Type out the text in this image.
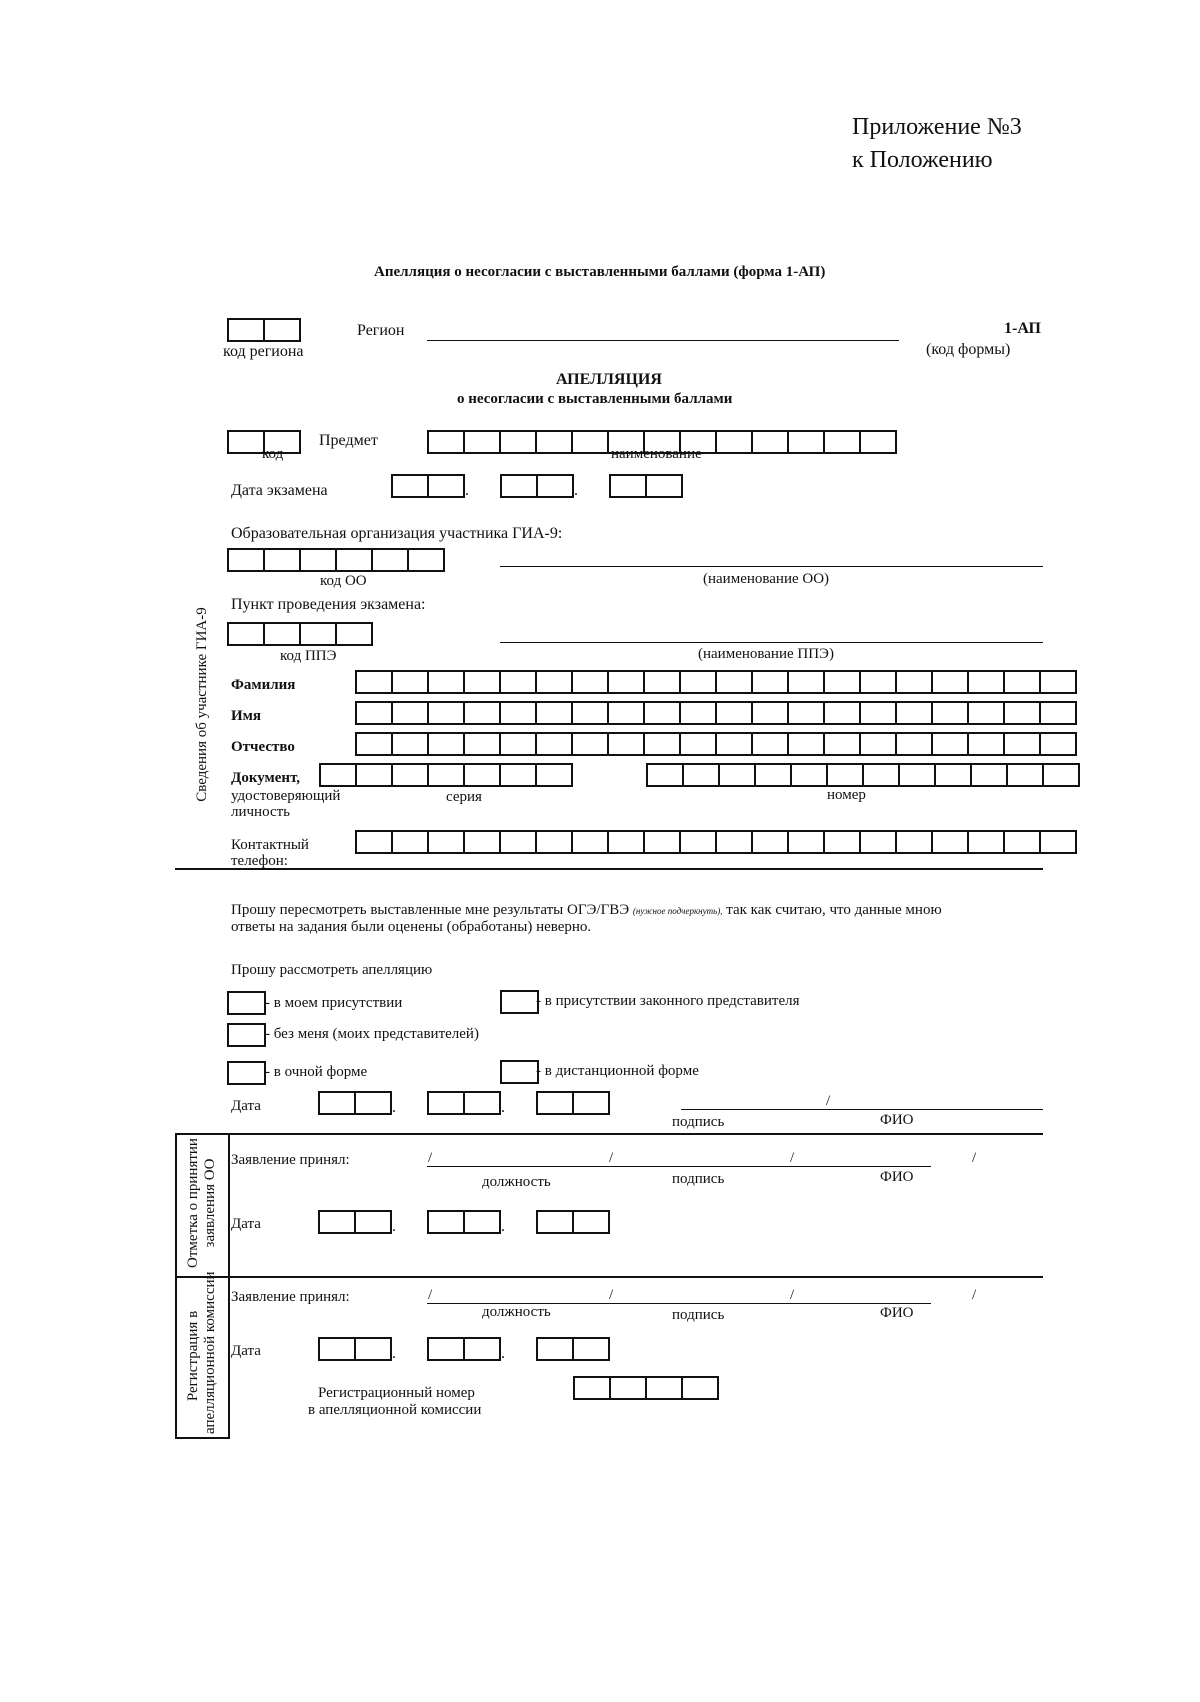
Приложение №3
к Положению
Апелляция о несогласии с выставленными баллами (форма 1-АП)
код региона
Регион	1-АП
(код формы)
АПЕЛЛЯЦИЯ
о несогласии с выставленными баллами
Предмет
код	наименование
Дата экзамена	.	.
Образовательная организация участника ГИА-9:
код ОО	(наименование ОО)
Пункт проведения экзамена:
код ППЭ	(наименование ППЭ)
Сведения об участнике ГИА-9 Фамилия
Имя
Отчество
Документ,
удостоверяющий
личность
серия	номер
Контактный
телефон:
Прошу пересмотреть выставленные мне результаты ОГЭ/ГВЭ (нужное подчеркнуть), так как считаю, что данные мною
ответы на задания были оценены (обработаны) неверно.
Прошу рассмотреть апелляцию
- в моем присутствии	- в присутствии законного представителя
- без меня (моих представителей)
- в очной форме	- в дистанционной форме
Дата	.	.	/
подпись	ФИО
Отметка о принятии заявления ОО
Регистрация в апелляционной комиссии
Заявление принял:	/	/	/	/
должность	подпись	ФИО
Дата	.	.
Заявление принял:	/	/	/	/
должность	подпись	ФИО
Дата	.	.
Регистрационный номер
в апелляционной комиссии
